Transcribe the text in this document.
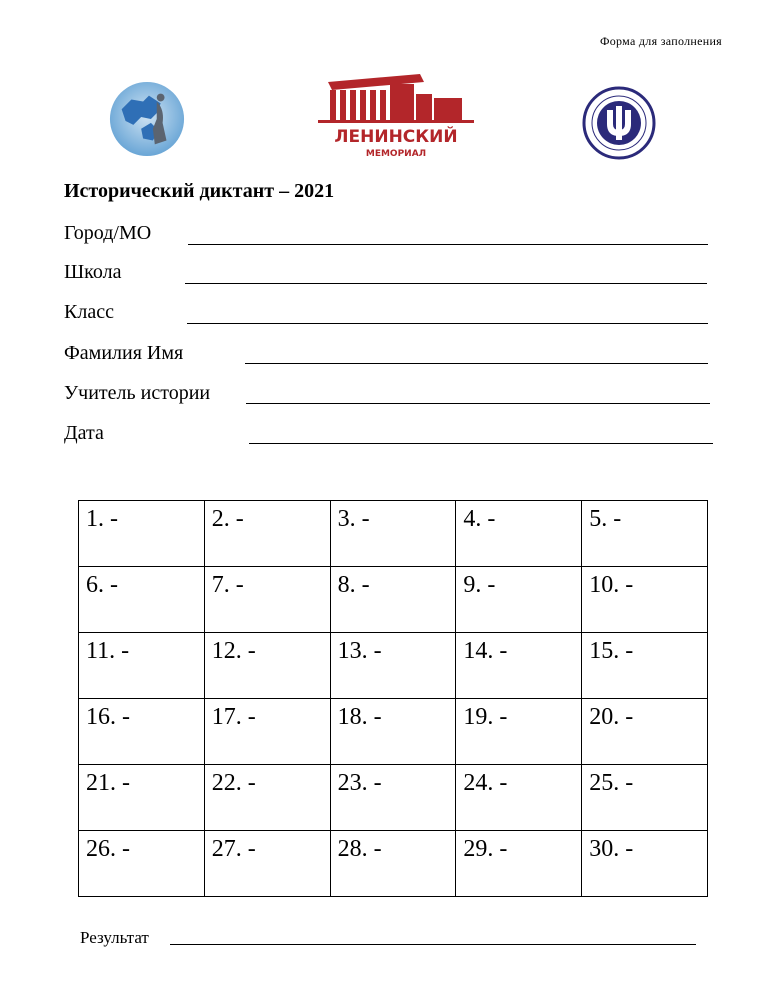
Форма для заполнения
ЛЕНИНСКИЙ
МЕМОРИАЛ
Исторический диктант – 2021
Город/МО
Школа
Класс
Фамилия Имя
Учитель истории
Дата
1. -	2. -	3. -	4. -	5. -
6. -	7. -	8. -	9. -	10. -
11. -	12. -	13. -	14. -	15. -
16. -	17. -	18. -	19. -	20. -
21. -	22. -	23. -	24. -	25. -
26. -	27. -	28. -	29. -	30. -
Результат
